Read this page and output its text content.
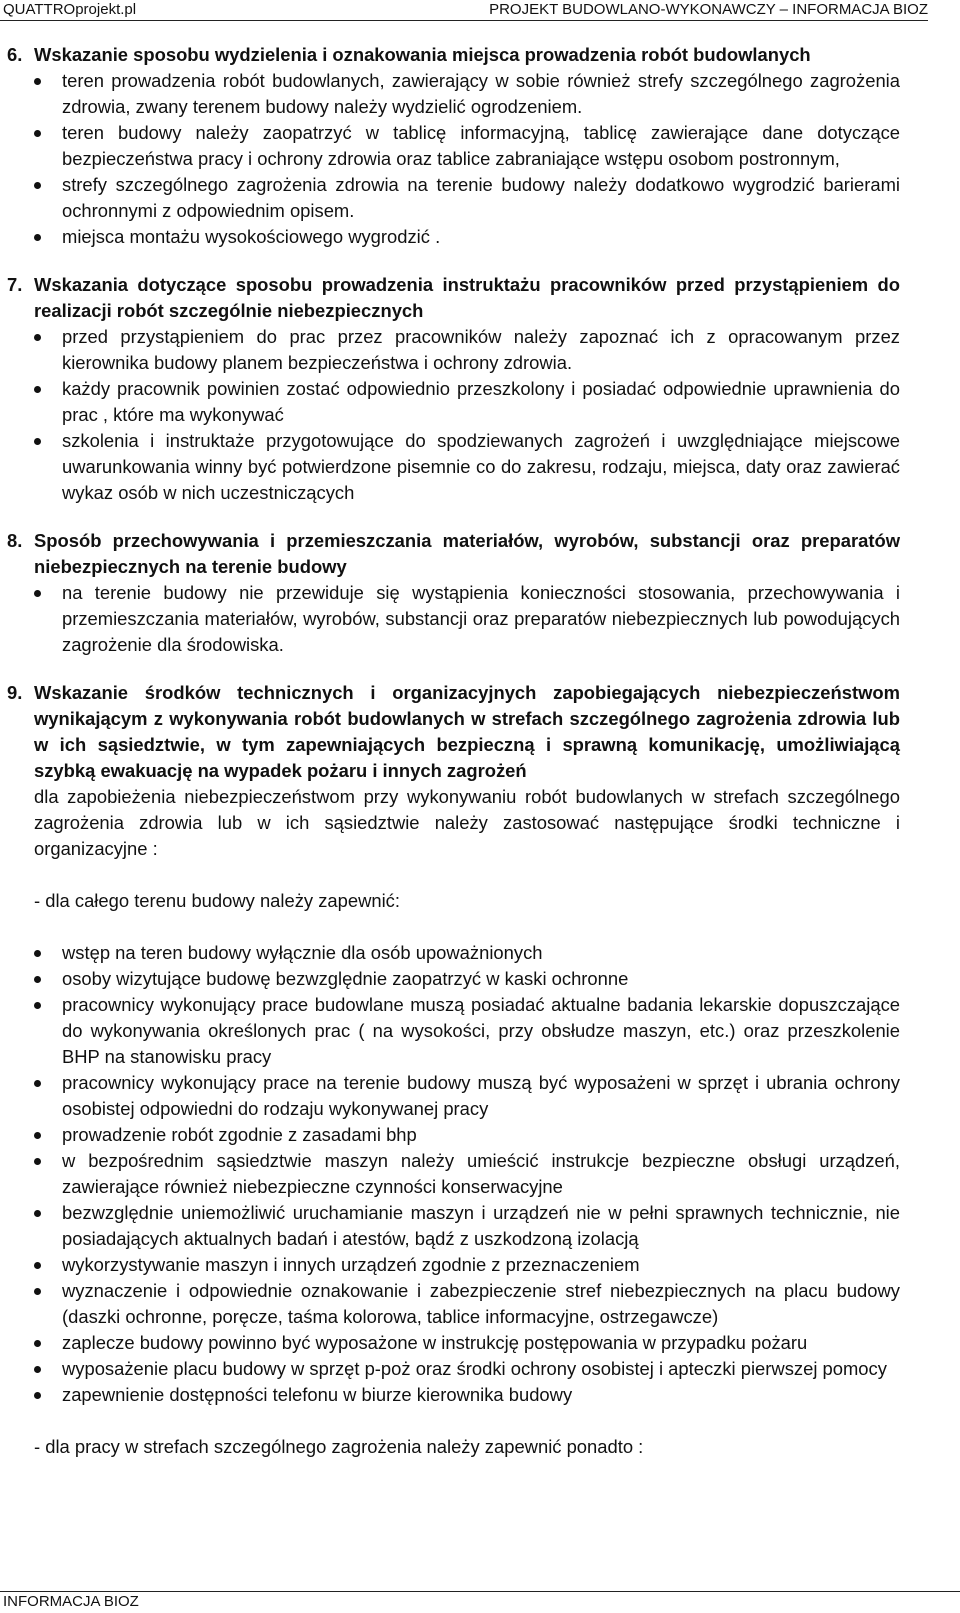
QUATTROprojekt.pl	PROJEKT BUDOWLANO-WYKONAWCZY – INFORMACJA BIOZ
6. Wskazanie sposobu wydzielenia i oznakowania miejsca prowadzenia robót budowlanych
teren prowadzenia robót budowlanych, zawierający w sobie również strefy szczególnego zagrożenia zdrowia, zwany terenem budowy należy wydzielić ogrodzeniem.
teren budowy należy zaopatrzyć w tablicę informacyjną, tablicę zawierające dane dotyczące bezpieczeństwa pracy i ochrony zdrowia oraz tablice zabraniające wstępu osobom postronnym,
strefy szczególnego zagrożenia zdrowia na terenie budowy należy dodatkowo wygrodzić barierami ochronnymi z odpowiednim opisem.
miejsca montażu wysokościowego wygrodzić .
7. Wskazania dotyczące sposobu prowadzenia instruktażu pracowników przed przystąpieniem do realizacji robót szczególnie niebezpiecznych
przed przystąpieniem do prac przez pracowników należy zapoznać ich z opracowanym przez kierownika budowy planem bezpieczeństwa i ochrony zdrowia.
każdy pracownik powinien zostać odpowiednio przeszkolony i posiadać odpowiednie uprawnienia do prac , które ma wykonywać
szkolenia i instruktaże przygotowujące do spodziewanych zagrożeń i uwzględniające miejscowe uwarunkowania winny być potwierdzone pisemnie co do zakresu, rodzaju, miejsca, daty oraz zawierać wykaz osób w nich uczestniczących
8. Sposób przechowywania i przemieszczania materiałów, wyrobów, substancji oraz preparatów niebezpiecznych na terenie budowy
na terenie budowy nie przewiduje się wystąpienia konieczności stosowania, przechowywania i przemieszczania materiałów, wyrobów, substancji oraz preparatów niebezpiecznych lub powodujących zagrożenie dla środowiska.
9. Wskazanie środków technicznych i organizacyjnych zapobiegających niebezpieczeństwom wynikającym z wykonywania robót budowlanych w strefach szczególnego zagrożenia zdrowia lub w ich sąsiedztwie, w tym zapewniających bezpieczną i sprawną komunikację, umożliwiającą szybką ewakuację na wypadek pożaru i innych zagrożeń

dla zapobieżenia niebezpieczeństwom przy wykonywaniu robót budowlanych w strefach szczególnego zagrożenia zdrowia lub w ich sąsiedztwie należy zastosować następujące środki techniczne i organizacyjne :

- dla całego terenu budowy należy zapewnić:

wstęp na teren budowy wyłącznie dla osób upoważnionych
osoby wizytujące budowę bezwzględnie zaopatrzyć w kaski ochronne
pracownicy wykonujący prace budowlane muszą posiadać aktualne badania lekarskie dopuszczające do wykonywania określonych prac ( na wysokości, przy obsłudze maszyn, etc.) oraz przeszkolenie BHP na stanowisku pracy
pracownicy wykonujący prace na terenie budowy muszą być wyposażeni w sprzęt i ubrania ochrony osobistej odpowiedni do rodzaju wykonywanej pracy
prowadzenie robót zgodnie z zasadami bhp
w bezpośrednim sąsiedztwie maszyn należy umieścić instrukcje bezpieczne obsługi urządzeń, zawierające również niebezpieczne czynności konserwacyjne
bezwzględnie uniemożliwić uruchamianie maszyn i urządzeń nie w pełni sprawnych technicznie, nie posiadających aktualnych badań i atestów, bądź z uszkodzoną izolacją
wykorzystywanie maszyn i innych urządzeń zgodnie z przeznaczeniem
wyznaczenie i odpowiednie oznakowanie i zabezpieczenie stref niebezpiecznych na placu budowy (daszki ochronne, poręcze, taśma kolorowa, tablice informacyjne, ostrzegawcze)
zaplecze budowy powinno być wyposażone w instrukcję postępowania w przypadku pożaru
wyposażenie placu budowy w sprzęt p-poż oraz środki ochrony osobistej i apteczki pierwszej pomocy
zapewnienie dostępności telefonu w biurze kierownika budowy

- dla pracy w strefach szczególnego zagrożenia należy zapewnić ponadto :

INFORMACJA BIOZ
